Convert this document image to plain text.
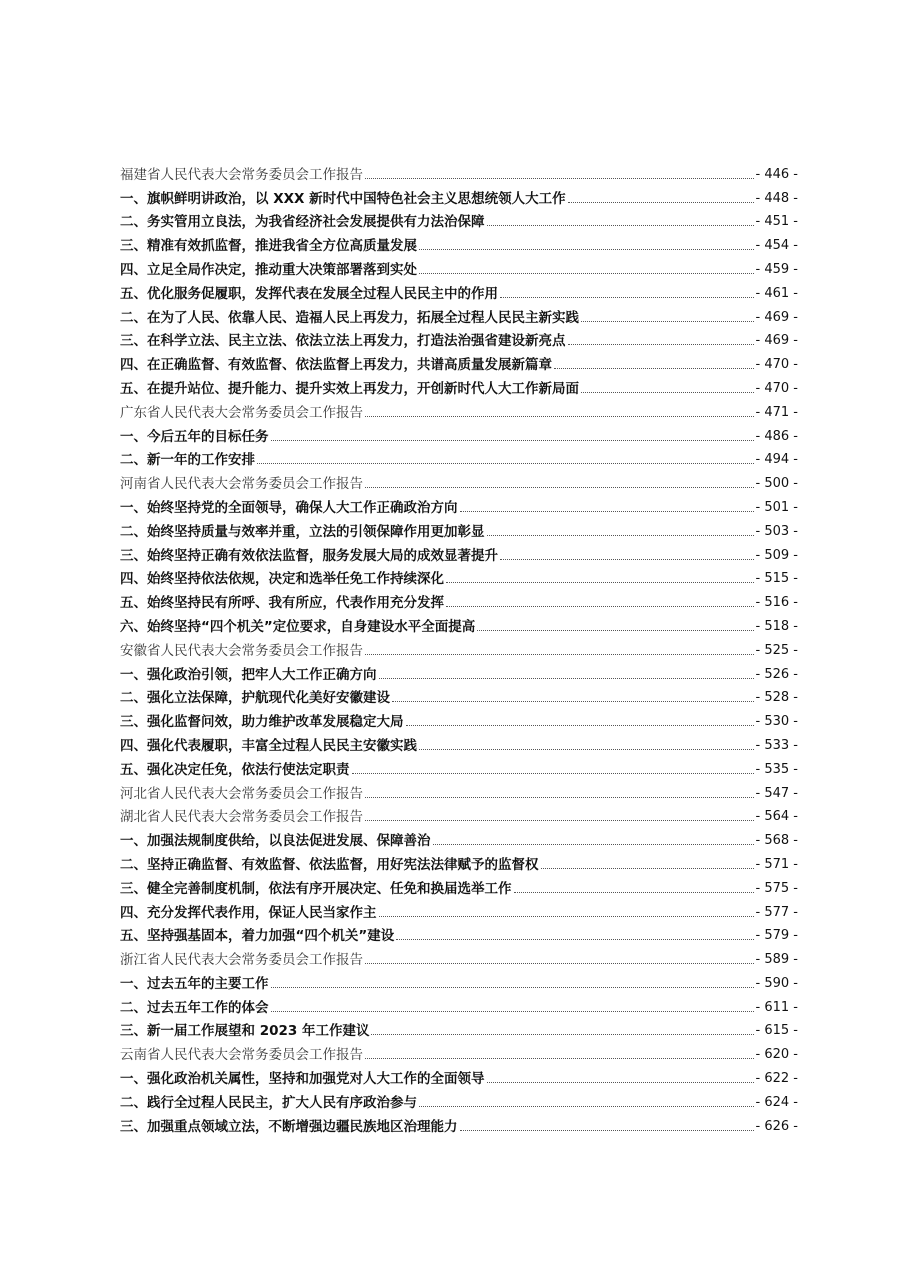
福建省人民代表大会常务委员会工作报告	- 446 -
一、旗帜鲜明讲政治，以 XXX 新时代中国特色社会主义思想统领人大工作	- 448 -
二、务实管用立良法，为我省经济社会发展提供有力法治保障	- 451 -
三、精准有效抓监督，推进我省全方位高质量发展	- 454 -
四、立足全局作决定，推动重大决策部署落到实处	- 459 -
五、优化服务促履职，发挥代表在发展全过程人民民主中的作用	- 461 -
二、在为了人民、依靠人民、造福人民上再发力，拓展全过程人民民主新实践	- 469 -
三、在科学立法、民主立法、依法立法上再发力，打造法治强省建设新亮点	- 469 -
四、在正确监督、有效监督、依法监督上再发力，共谱高质量发展新篇章	- 470 -
五、在提升站位、提升能力、提升实效上再发力，开创新时代人大工作新局面	- 470 -
广东省人民代表大会常务委员会工作报告	- 471 -
一、今后五年的目标任务	- 486 -
二、新一年的工作安排	- 494 -
河南省人民代表大会常务委员会工作报告	- 500 -
一、始终坚持党的全面领导，确保人大工作正确政治方向	- 501 -
二、始终坚持质量与效率并重，立法的引领保障作用更加彰显	- 503 -
三、始终坚持正确有效依法监督，服务发展大局的成效显著提升	- 509 -
四、始终坚持依法依规，决定和选举任免工作持续深化	- 515 -
五、始终坚持民有所呼、我有所应，代表作用充分发挥	- 516 -
六、始终坚持“四个机关”定位要求，自身建设水平全面提高	- 518 -
安徽省人民代表大会常务委员会工作报告	- 525 -
一、强化政治引领，把牢人大工作正确方向	- 526 -
二、强化立法保障，护航现代化美好安徽建设	- 528 -
三、强化监督问效，助力维护改革发展稳定大局	- 530 -
四、强化代表履职，丰富全过程人民民主安徽实践	- 533 -
五、强化决定任免，依法行使法定职责	- 535 -
河北省人民代表大会常务委员会工作报告	- 547 -
湖北省人民代表大会常务委员会工作报告	- 564 -
一、加强法规制度供给，以良法促进发展、保障善治	- 568 -
二、坚持正确监督、有效监督、依法监督，用好宪法法律赋予的监督权	- 571 -
三、健全完善制度机制，依法有序开展决定、任免和换届选举工作	- 575 -
四、充分发挥代表作用，保证人民当家作主	- 577 -
五、坚持强基固本，着力加强“四个机关”建设	- 579 -
浙江省人民代表大会常务委员会工作报告	- 589 -
一、过去五年的主要工作	- 590 -
二、过去五年工作的体会	- 611 -
三、新一届工作展望和 2023 年工作建议	- 615 -
云南省人民代表大会常务委员会工作报告	- 620 -
一、强化政治机关属性，坚持和加强党对人大工作的全面领导	- 622 -
二、践行全过程人民民主，扩大人民有序政治参与	- 624 -
三、加强重点领域立法，不断增强边疆民族地区治理能力	- 626 -
